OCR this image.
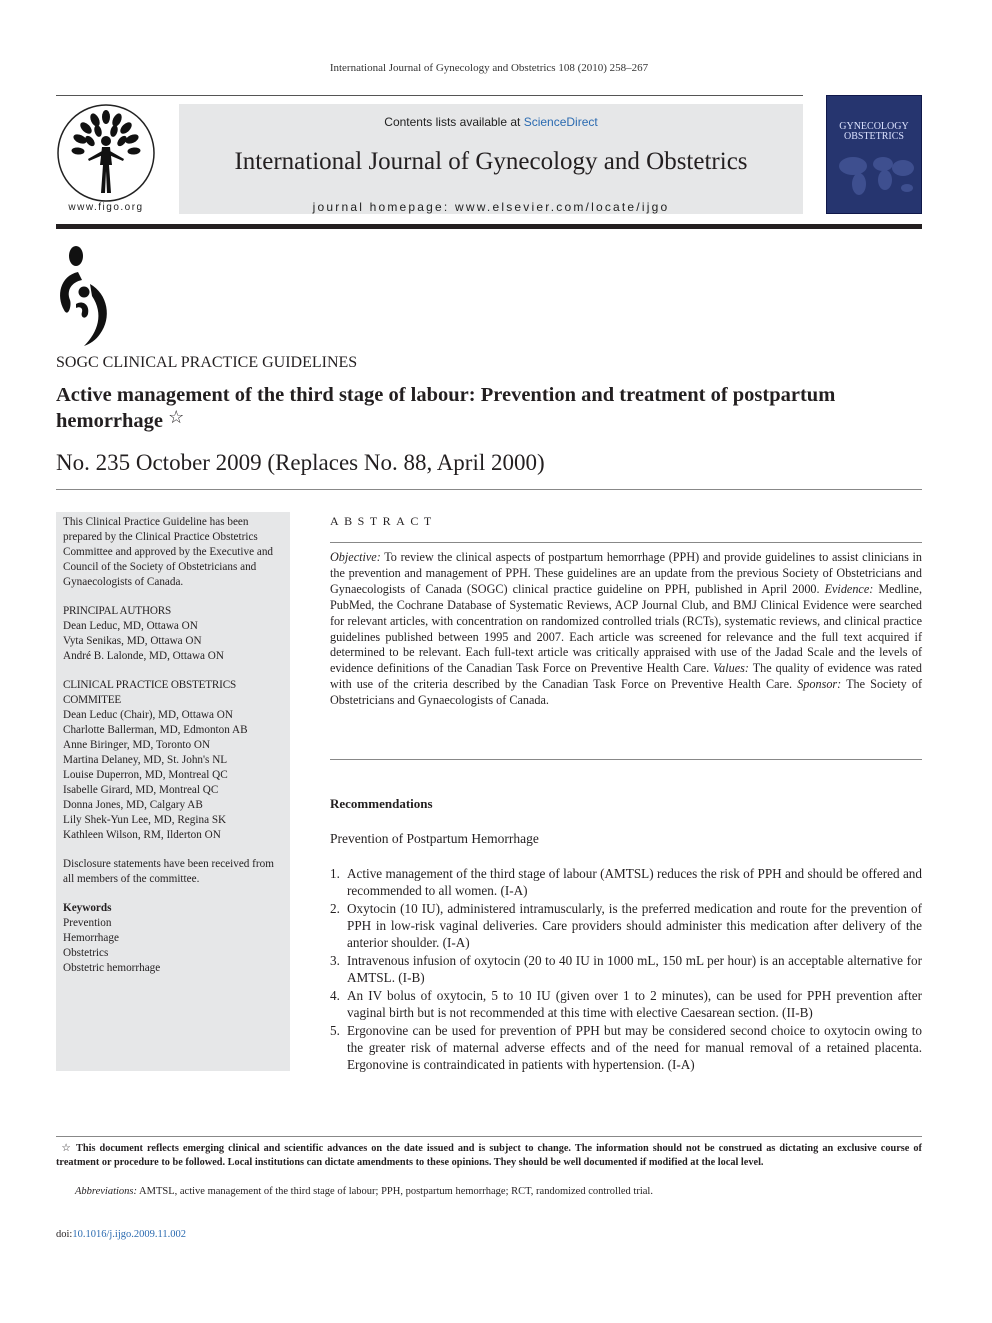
International Journal of Gynecology and Obstetrics 108 (2010) 258–267
www.figo.org
Contents lists available at ScienceDirect
International Journal of Gynecology and Obstetrics
journal homepage: www.elsevier.com/locate/ijgo
GYNECOLOGY
OBSTETRICS
SOGC CLINICAL PRACTICE GUIDELINES
Active management of the third stage of labour: Prevention and treatment of postpartum hemorrhage ☆
No. 235 October 2009 (Replaces No. 88, April 2000)

This Clinical Practice Guideline has been prepared by the Clinical Practice Obstetrics Committee and approved by the Executive and Council of the Society of Obstetricians and Gynaecologists of Canada.

PRINCIPAL AUTHORS

Dean Leduc, MD, Ottawa ON

Vyta Senikas, MD, Ottawa ON

André B. Lalonde, MD, Ottawa ON

CLINICAL PRACTICE OBSTETRICS COMMITEE

Dean Leduc (Chair), MD, Ottawa ON

Charlotte Ballerman, MD, Edmonton AB

Anne Biringer, MD, Toronto ON

Martina Delaney, MD, St. John's NL

Louise Duperron, MD, Montreal QC

Isabelle Girard, MD, Montreal QC

Donna Jones, MD, Calgary AB

Lily Shek-Yun Lee, MD, Regina SK

Kathleen Wilson, RM, Ilderton ON

Disclosure statements have been received from all members of the committee.

Keywords

Prevention

Hemorrhage

Obstetrics

Obstetric hemorrhage

ABSTRACT
Objective: To review the clinical aspects of postpartum hemorrhage (PPH) and provide guidelines to assist clinicians in the prevention and management of PPH. These guidelines are an update from the previous Society of Obstetricians and Gynaecologists of Canada (SOGC) clinical practice guideline on PPH, published in April 2000. Evidence: Medline, PubMed, the Cochrane Database of Systematic Reviews, ACP Journal Club, and BMJ Clinical Evidence were searched for relevant articles, with concentration on randomized controlled trials (RCTs), systematic reviews, and clinical practice guidelines published between 1995 and 2007. Each article was screened for relevance and the full text acquired if determined to be relevant. Each full-text article was critically appraised with use of the Jadad Scale and the levels of evidence definitions of the Canadian Task Force on Preventive Health Care. Values: The quality of evidence was rated with use of the criteria described by the Canadian Task Force on Preventive Health Care. Sponsor: The Society of Obstetricians and Gynaecologists of Canada.
Recommendations
Prevention of Postpartum Hemorrhage
1. Active management of the third stage of labour (AMTSL) reduces the risk of PPH and should be offered and recommended to all women. (I-A)
2. Oxytocin (10 IU), administered intramuscularly, is the preferred medication and route for the prevention of PPH in low-risk vaginal deliveries. Care providers should administer this medication after delivery of the anterior shoulder. (I-A)
3. Intravenous infusion of oxytocin (20 to 40 IU in 1000 mL, 150 mL per hour) is an acceptable alternative for AMTSL. (I-B)
4. An IV bolus of oxytocin, 5 to 10 IU (given over 1 to 2 minutes), can be used for PPH prevention after vaginal birth but is not recommended at this time with elective Caesarean section. (II-B)
5. Ergonovine can be used for prevention of PPH but may be considered second choice to oxytocin owing to the greater risk of maternal adverse effects and of the need for manual removal of a retained placenta. Ergonovine is contraindicated in patients with hypertension. (I-A)
☆ This document reflects emerging clinical and scientific advances on the date issued and is subject to change. The information should not be construed as dictating an exclusive course of treatment or procedure to be followed. Local institutions can dictate amendments to these opinions. They should be well documented if modified at the local level.
Abbreviations: AMTSL, active management of the third stage of labour; PPH, postpartum hemorrhage; RCT, randomized controlled trial.
doi:10.1016/j.ijgo.2009.11.002
